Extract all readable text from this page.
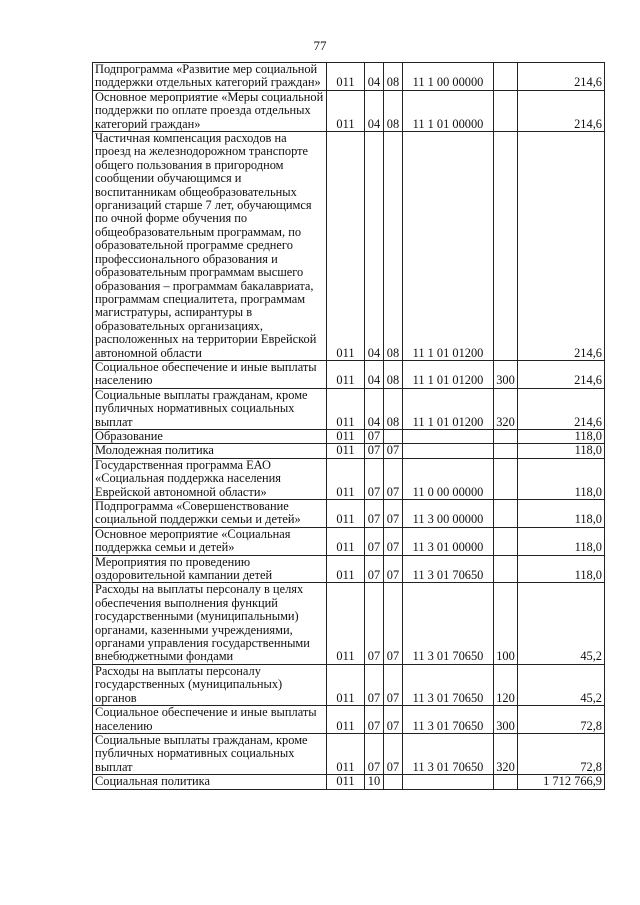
77
Подпрограмма «Развитие мер социальной поддержки отдельных категорий граждан»	011	04	08	11 1 00 00000		214,6
Основное мероприятие «Меры социальной поддержки по оплате проезда отдельных категорий граждан»	011	04	08	11 1 01 00000		214,6
Частичная компенсация расходов на проезд на железнодорожном транспорте общего пользования в пригородном сообщении обучающимся и воспитанникам общеобразовательных организаций старше 7 лет, обучающимся по очной форме обучения по общеобразовательным программам, по образовательной программе среднего профессионального образования и образовательным программам высшего образования – программам бакалавриата, программам специалитета, программам магистратуры, аспирантуры в образовательных организациях, расположенных на территории Еврейской автономной области	011	04	08	11 1 01 01200		214,6
Социальное обеспечение и иные выплаты населению	011	04	08	11 1 01 01200	300	214,6
Социальные выплаты гражданам, кроме публичных нормативных социальных выплат	011	04	08	11 1 01 01200	320	214,6
Образование	011	07				118,0
Молодежная политика	011	07	07			118,0
Государственная программа ЕАО «Социальная поддержка населения Еврейской автономной области»	011	07	07	11 0 00 00000		118,0
Подпрограмма «Совершенствование социальной поддержки семьи и детей»	011	07	07	11 3 00 00000		118,0
Основное мероприятие «Социальная поддержка семьи и детей»	011	07	07	11 3 01 00000		118,0
Мероприятия по проведению оздоровительной кампании детей	011	07	07	11 3 01 70650		118,0
Расходы на выплаты персоналу в целях обеспечения выполнения функций государственными (муниципальными) органами, казенными учреждениями, органами управления государственными внебюджетными фондами	011	07	07	11 3 01 70650	100	45,2
Расходы на выплаты персоналу государственных (муниципальных) органов	011	07	07	11 3 01 70650	120	45,2
Социальное обеспечение и иные выплаты населению	011	07	07	11 3 01 70650	300	72,8
Социальные выплаты гражданам, кроме публичных нормативных социальных выплат	011	07	07	11 3 01 70650	320	72,8
Социальная политика	011	10				1 712 766,9
